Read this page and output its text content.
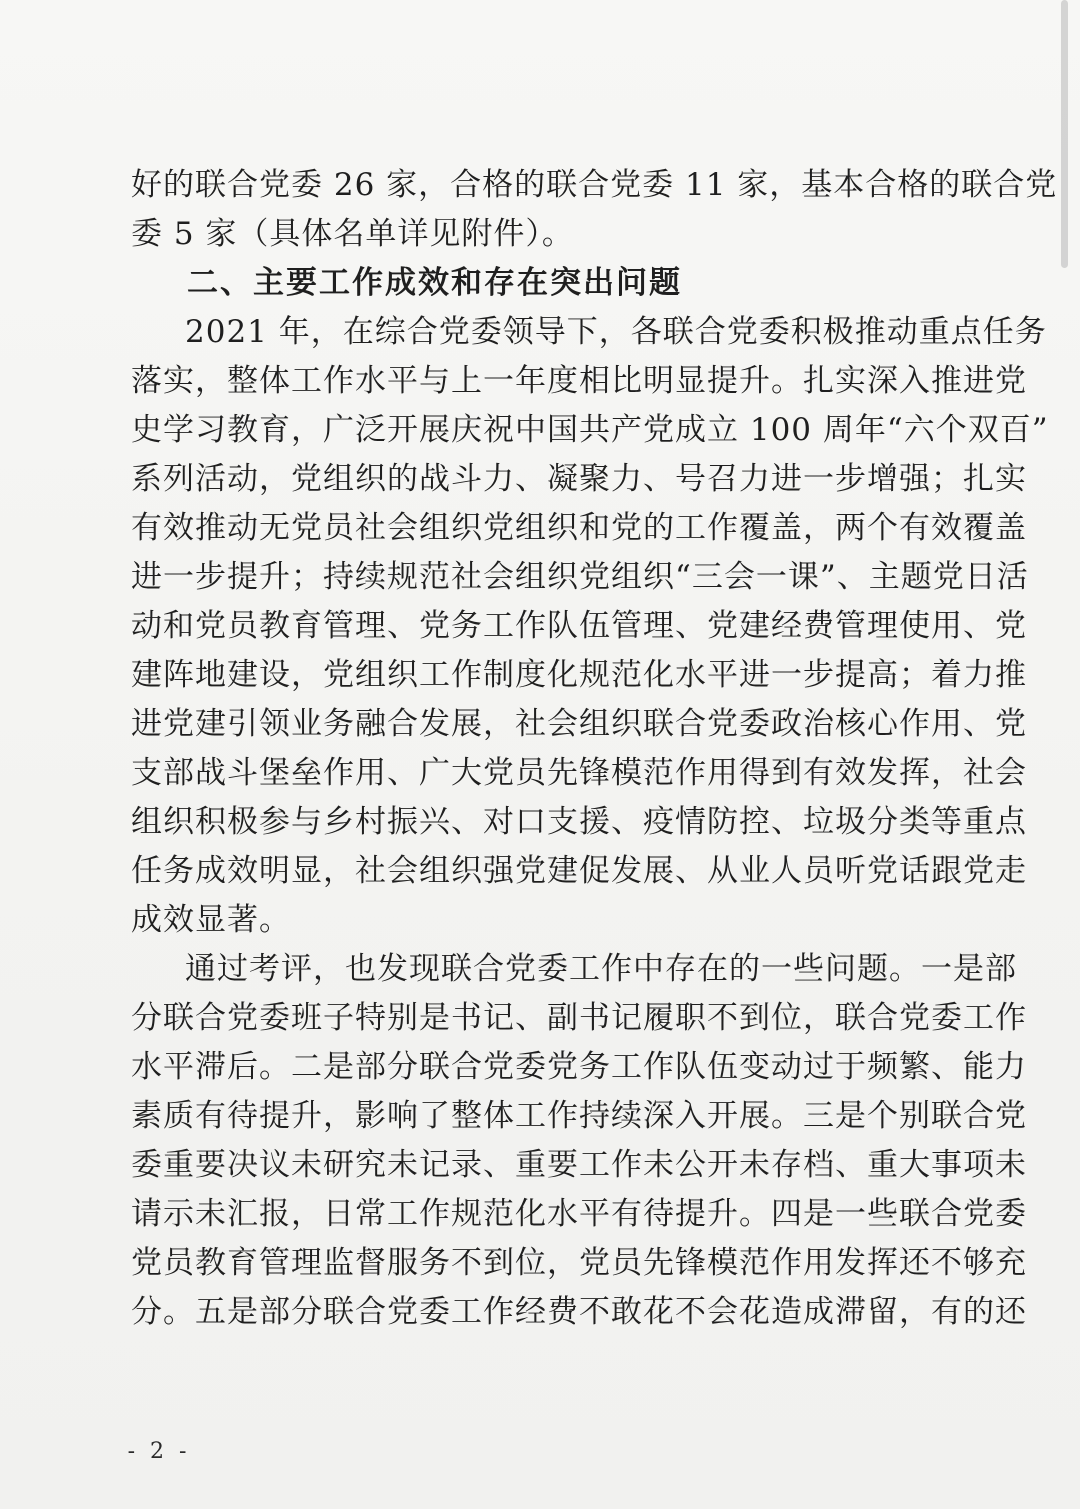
好的联合党委 26 家，合格的联合党委 11 家，基本合格的联合党
委 5 家（具体名单详见附件）。
二、主要工作成效和存在突出问题
2021 年，在综合党委领导下，各联合党委积极推动重点任务
落实，整体工作水平与上一年度相比明显提升。扎实深入推进党
史学习教育，广泛开展庆祝中国共产党成立 100 周年“六个双百”
系列活动，党组织的战斗力、凝聚力、号召力进一步增强；扎实
有效推动无党员社会组织党组织和党的工作覆盖，两个有效覆盖
进一步提升；持续规范社会组织党组织“三会一课”、主题党日活
动和党员教育管理、党务工作队伍管理、党建经费管理使用、党
建阵地建设，党组织工作制度化规范化水平进一步提高；着力推
进党建引领业务融合发展，社会组织联合党委政治核心作用、党
支部战斗堡垒作用、广大党员先锋模范作用得到有效发挥，社会
组织积极参与乡村振兴、对口支援、疫情防控、垃圾分类等重点
任务成效明显，社会组织强党建促发展、从业人员听党话跟党走
成效显著。
通过考评，也发现联合党委工作中存在的一些问题。一是部
分联合党委班子特别是书记、副书记履职不到位，联合党委工作
水平滞后。二是部分联合党委党务工作队伍变动过于频繁、能力
素质有待提升，影响了整体工作持续深入开展。三是个别联合党
委重要决议未研究未记录、重要工作未公开未存档、重大事项未
请示未汇报，日常工作规范化水平有待提升。四是一些联合党委
党员教育管理监督服务不到位，党员先锋模范作用发挥还不够充
分。五是部分联合党委工作经费不敢花不会花造成滞留，有的还
- 2 -
